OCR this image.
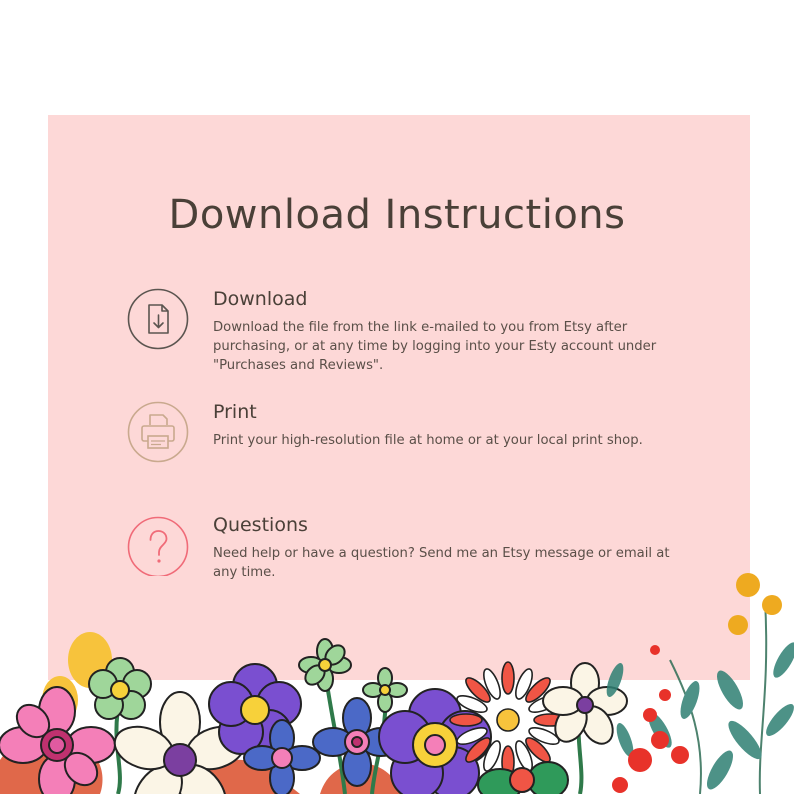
Download Instructions
Download
Download the file from the link e-mailed to you from Etsy after purchasing, or at any time by logging into your Esty account under "Purchases and Reviews".
Print
Print your high-resolution file at home or at your local print shop.
Questions
Need help or have a question? Send me an Etsy message or email at any time.
